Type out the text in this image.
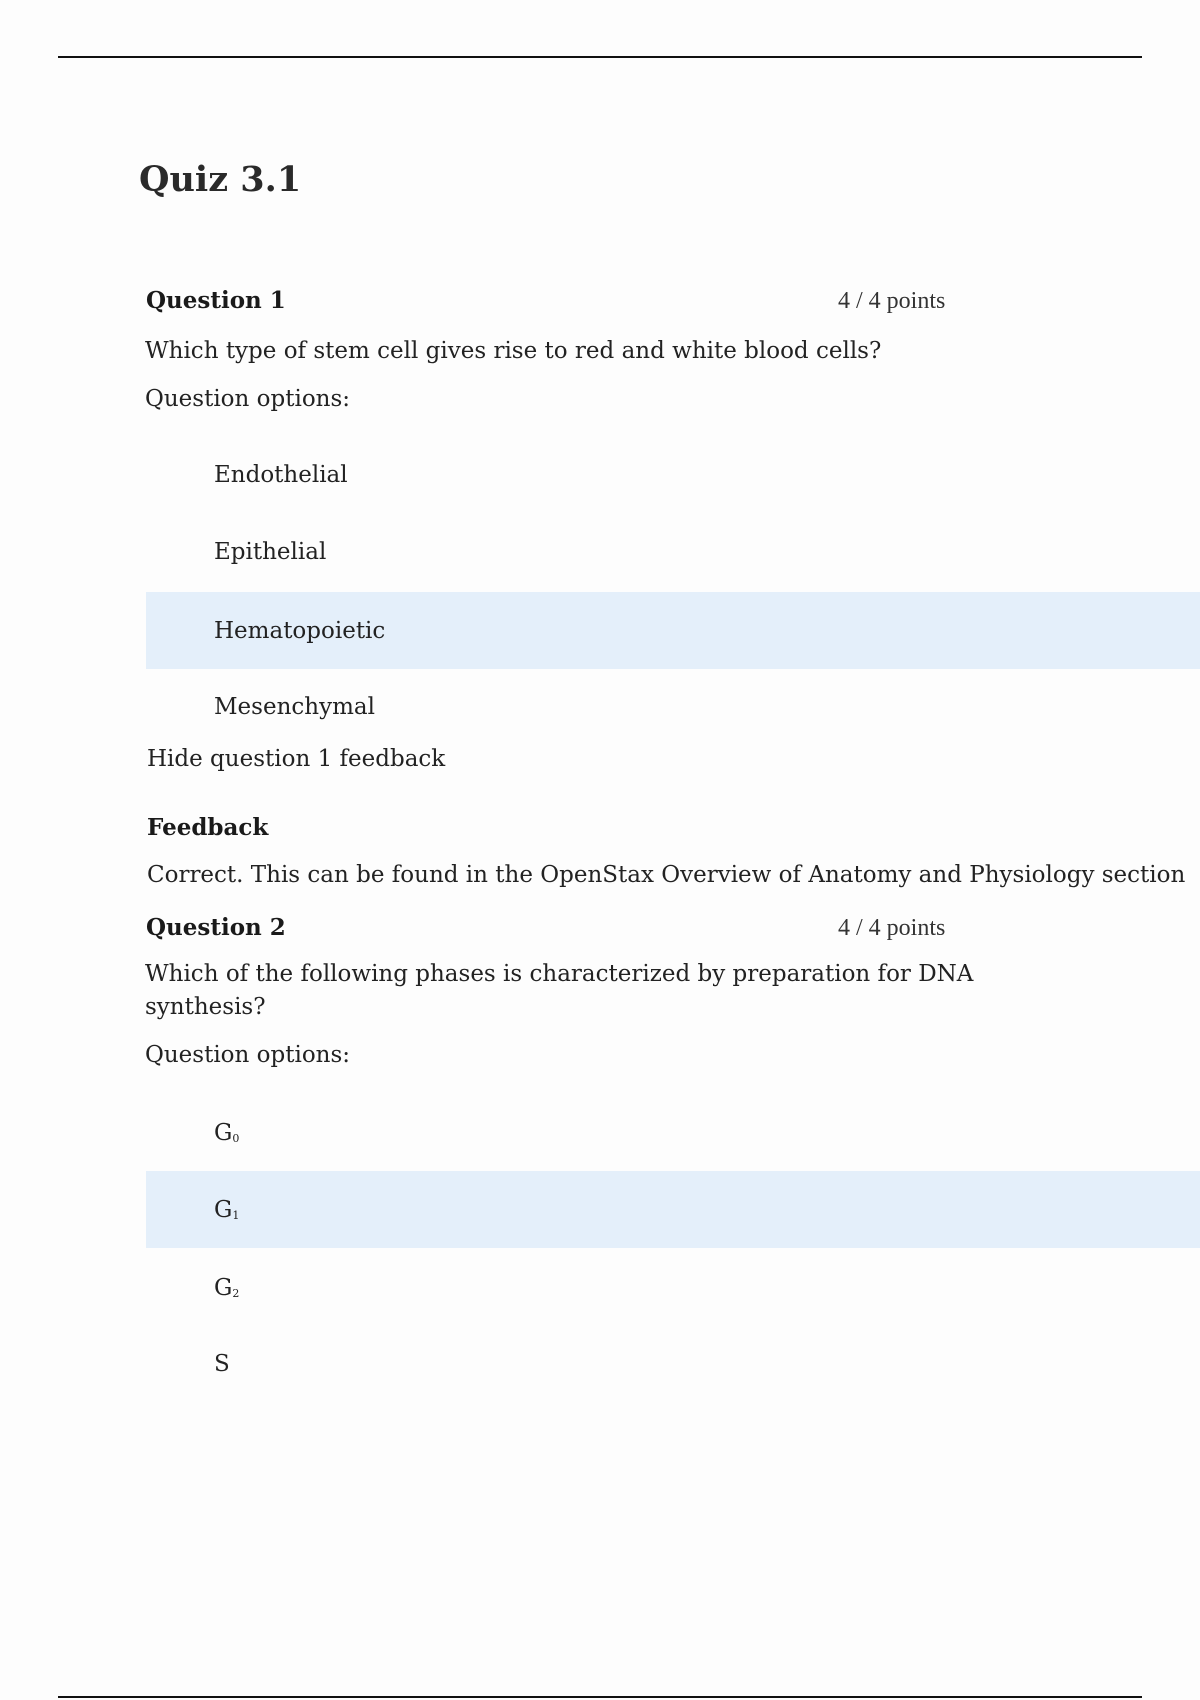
Quiz 3.1
Question 1	4 / 4 points
Which type of stem cell gives rise to red and white blood cells?
Question options:
Endothelial
Epithelial
Hematopoietic
Mesenchymal
Hide question 1 feedback
Feedback
Correct. This can be found in the OpenStax Overview of Anatomy and Physiology section
Question 2	4 / 4 points
Which of the following phases is characterized by preparation for DNA synthesis?
Question options:
$G_0$
$G_1$
$G_2$
S
